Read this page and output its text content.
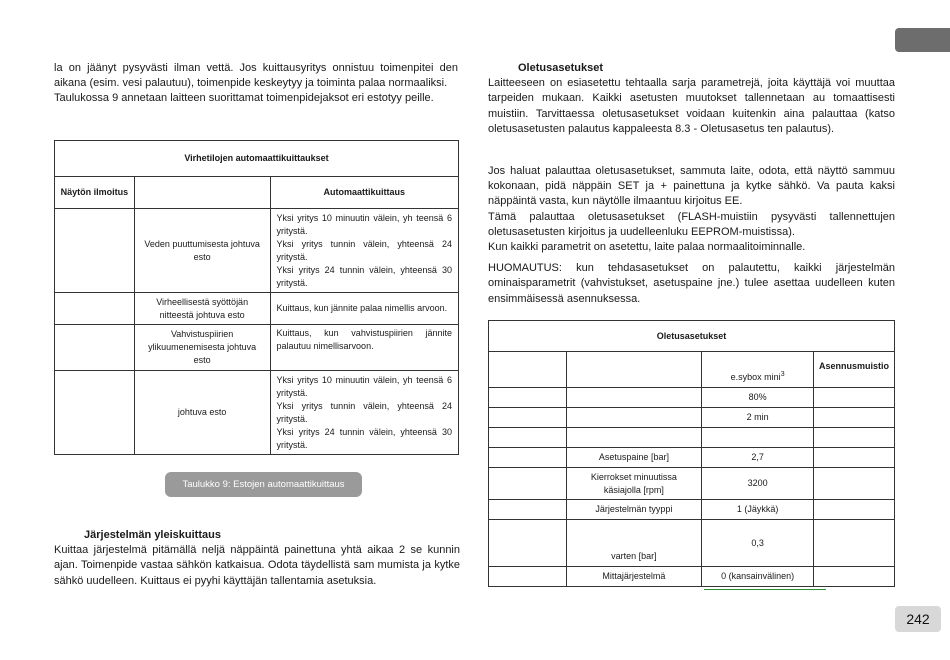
la on jäänyt pysyvästi ilman vettä. Jos kuittausyritys onnistuu toimenpitei den aikana (esim. vesi palautuu), toimenpide keskeytyy ja toiminta palaa normaaliksi.

Taulukossa 9 annetaan laitteen suorittamat toimenpidejaksot eri estotyy peille.

Virhetilojen automaattikuittaukset		
Näytön ilmoitus		Automaattikuittaus
	Veden puuttumisesta johtuva esto	Yksi yritys 10 minuutin välein, yh teensä 6 yritystä.
Yksi yritys tunnin välein, yhteensä 24 yritystä.
Yksi yritys 24 tunnin välein, yhteensä 30 yritystä.
	Virheellisestä syöttöjän nitteestä johtuva esto	Kuittaus, kun jännite palaa nimellis arvoon.
	Vahvistuspiirien ylikuumenemisesta johtuva esto	Kuittaus, kun vahvistuspiirien jännite palautuu nimellisarvoon.
	johtuva esto	Yksi yritys 10 minuutin välein, yh teensä 6 yritystä.
Yksi yritys tunnin välein, yhteensä 24 yritystä.
Yksi yritys 24 tunnin välein, yhteensä 30 yritystä.
Taulukko 9: Estojen automaattikuittaus

Järjestelmän yleiskuittaus

Kuittaa järjestelmä pitämällä neljä näppäintä painettuna yhtä aikaa 2 se kunnin ajan. Toimenpide vastaa sähkön katkaisua. Odota täydellistä sam mumista ja kytke sähkö uudelleen. Kuittaus ei pyyhi käyttäjän tallentamia asetuksia.

Oletusasetukset

Laitteeseen on esiasetettu tehtaalla sarja parametrejä, joita käyttäjä voi muuttaa tarpeiden mukaan. Kaikki asetusten muutokset tallennetaan au tomaattisesti muistiin. Tarvittaessa oletusasetukset voidaan kuitenkin aina palauttaa (katso oletusasetusten palautus kappaleesta 8.3 - Oletusasetus ten palautus).

Jos haluat palauttaa oletusasetukset, sammuta laite, odota, että näyttö sammuu kokonaan, pidä näppäin SET ja + painettuna ja kytke sähkö. Va pauta kaksi näppäintä vasta, kun näytölle ilmaantuu kirjoitus EE.

Tämä palauttaa oletusasetukset (FLASH-muistiin pysyvästi tallennettujen oletusasetusten kirjoitus ja uudelleenluku EEPROM-muistissa).

Kun kaikki parametrit on asetettu, laite palaa normaalitoiminnalle.

HUOMAUTUS: kun tehdasasetukset on palautettu, kaikki järjestelmän ominaisparametrit (vahvistukset, asetuspaine jne.) tulee asettaa uudelleen kuten ensimmäisessä asennuksessa.

Oletusasetukset			
		e.sybox mini$^3$	Asennusmuistio
		80%	
		2 min	

	Asetuspaine [bar]	2,7	
	Kierrokset minuutissa käsiajolla [rpm]	3200	
	Järjestelmän tyyppi	1 (Jäykkä)	
	varten [bar]	0,3	
	Mittajärjestelmä	0 (kansainvälinen)	
242
